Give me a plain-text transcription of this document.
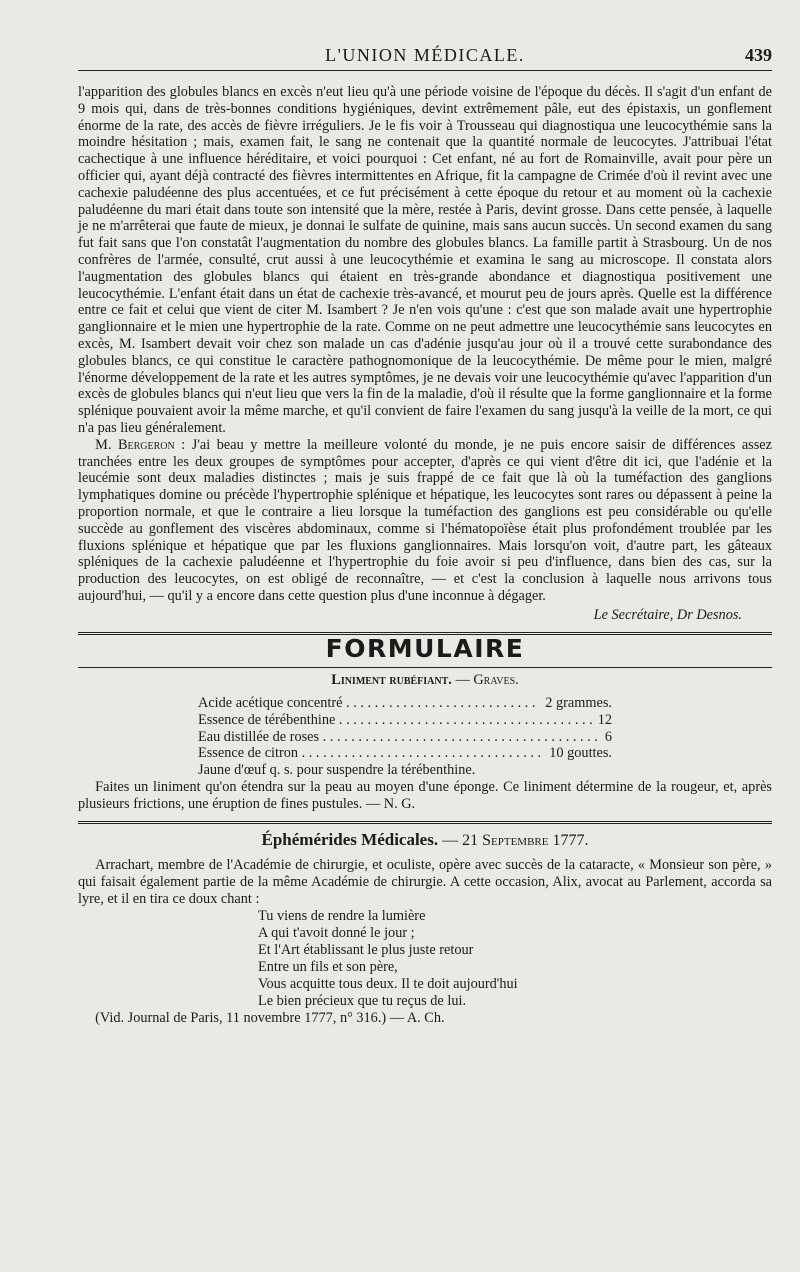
L'UNION MÉDICALE.	439

l'apparition des globules blancs en excès n'eut lieu qu'à une période voisine de l'époque du décès. Il s'agit d'un enfant de 9 mois qui, dans de très-bonnes conditions hygiéniques, devint extrêmement pâle, eut des épistaxis, un gonflement énorme de la rate, des accès de fièvre irréguliers. Je le fis voir à Trousseau qui diagnostiqua une leucocythémie sans la moindre hésitation ; mais, examen fait, le sang ne contenait que la quantité normale de leucocytes. J'attribuai l'état cachectique à une influence héréditaire, et voici pourquoi : Cet enfant, né au fort de Romainville, avait pour père un officier qui, ayant déjà contracté des fièvres intermittentes en Afrique, fit la campagne de Crimée d'où il revint avec une cachexie paludéenne des plus accentuées, et ce fut précisément à cette époque du retour et au moment où la cachexie paludéenne du mari était dans toute son intensité que la mère, restée à Paris, devint grosse. Dans cette pensée, à laquelle je ne m'arrêterai que faute de mieux, je donnai le sulfate de quinine, mais sans aucun succès. Un second examen du sang fut fait sans que l'on constatât l'augmentation du nombre des globules blancs. La famille partit à Strasbourg. Un de nos confrères de l'armée, consulté, crut aussi à une leucocythémie et examina le sang au microscope. Il constata alors l'augmentation des globules blancs qui étaient en très-grande abondance et diagnostiqua positivement une leucocythémie. L'enfant était dans un état de cachexie très-avancé, et mourut peu de jours après. Quelle est la différence entre ce fait et celui que vient de citer M. Isambert ? Je n'en vois qu'une : c'est que son malade avait une hypertrophie ganglionnaire et le mien une hypertrophie de la rate. Comme on ne peut admettre une leucocythémie sans leucocytes en excès, M. Isambert devait voir chez son malade un cas d'adénie jusqu'au jour où il a trouvé cette surabondance des globules blancs, ce qui constitue le caractère pathognomonique de la leucocythémie. De même pour le mien, malgré l'énorme développement de la rate et les autres symptômes, je ne devais voir une leucocythémie qu'avec l'apparition d'un excès de globules blancs qui n'eut lieu que vers la fin de la maladie, d'où il résulte que la forme ganglionnaire et la forme splénique pouvaient avoir la même marche, et qu'il convient de faire l'examen du sang jusqu'à la veille de la mort, ce qui n'a pas lieu généralement.

M. Bergeron : J'ai beau y mettre la meilleure volonté du monde, je ne puis encore saisir de différences assez tranchées entre les deux groupes de symptômes pour accepter, d'après ce qui vient d'être dit ici, que l'adénie et la leucémie sont deux maladies distinctes ; mais je suis frappé de ce fait que là où la tuméfaction des ganglions lymphatiques domine ou précède l'hypertrophie splénique et hépatique, les leucocytes sont rares ou dépassent à peine la proportion normale, et que le contraire a lieu lorsque la tuméfaction des ganglions est peu considérable ou qu'elle succède au gonflement des viscères abdominaux, comme si l'hématopoïèse était plus profondément troublée par les fluxions splénique et hépatique que par les fluxions ganglionnaires. Mais lorsqu'on voit, d'autre part, les gâteaux spléniques de la cachexie paludéenne et l'hypertrophie du foie avoir si peu d'influence, dans bien des cas, sur la production des leucocytes, on est obligé de reconnaître, — et c'est la conclusion à laquelle nous arrivons tous aujourd'hui, — qu'il y a encore dans cette question plus d'une inconnue à dégager.

Le Secrétaire, Dr Desnos.
FORMULAIRE
Liniment rubéfiant. — Graves.
Acide acétique concentré . . .	2 grammes.
Essence de térébenthine . . .	12
Eau distillée de roses . . .	6
Essence de citron . . .	10 gouttes.
Jaune d'œuf q. s. pour suspendre la térébenthine.

Faites un liniment qu'on étendra sur la peau au moyen d'une éponge. Ce liniment détermine de la rougeur, et, après plusieurs frictions, une éruption de fines pustules. — N. G.

Éphémérides Médicales. — 21 Septembre 1777.

Arrachart, membre de l'Académie de chirurgie, et oculiste, opère avec succès de la cataracte, « Monsieur son père, » qui faisait également partie de la même Académie de chirurgie. A cette occasion, Alix, avocat au Parlement, accorda sa lyre, et il en tira ce doux chant :

Tu viens de rendre la lumière
A qui t'avoit donné le jour ;
Et l'Art établissant le plus juste retour
Entre un fils et son père,
Vous acquitte tous deux. Il te doit aujourd'hui
Le bien précieux que tu reçus de lui.

(Vid. Journal de Paris, 11 novembre 1777, n° 316.) — A. Ch.
